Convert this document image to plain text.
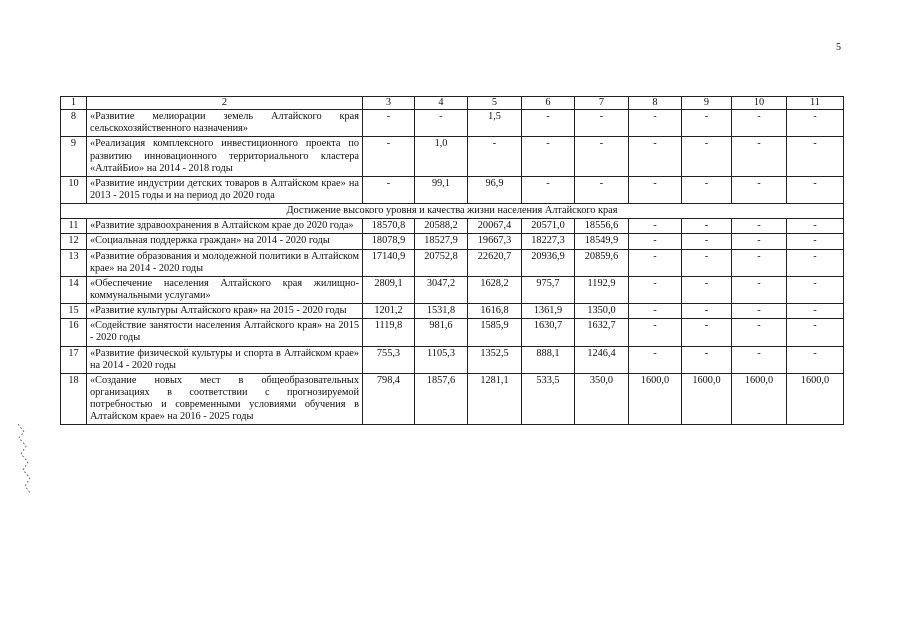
5
1	2	3	4	5	6	7	8	9	10	11
8	«Развитие мелиорации земель Алтайского края сельскохозяйственного назначения»	-	-	1,5	-	-	-	-	-	-
9	«Реализация комплексного инвестиционного проекта по развитию инновационного территориального кластера «АлтайБио» на 2014 - 2018 годы	-	1,0	-	-	-	-	-	-	-
10	«Развитие индустрии детских товаров в Алтайском крае» на 2013 - 2015 годы и на период до 2020 года	-	99,1	96,9	-	-	-	-	-	-
Достижение высокого уровня и качества жизни населения Алтайского края										
11	«Развитие здравоохранения в Алтайском крае до 2020 года»	18570,8	20588,2	20067,4	20571,0	18556,6	-	-	-	-
12	«Социальная поддержка граждан» на 2014 - 2020 годы	18078,9	18527,9	19667,3	18227,3	18549,9	-	-	-	-
13	«Развитие образования и молодежной политики в Алтайском крае» на 2014 - 2020 годы	17140,9	20752,8	22620,7	20936,9	20859,6	-	-	-	-
14	«Обеспечение населения Алтайского края жилищно-коммунальными услугами»	2809,1	3047,2	1628,2	975,7	1192,9	-	-	-	-
15	«Развитие культуры Алтайского края» на 2015 - 2020 годы	1201,2	1531,8	1616,8	1361,9	1350,0	-	-	-	-
16	«Содействие занятости населения Алтайского края» на 2015 - 2020 годы	1119,8	981,6	1585,9	1630,7	1632,7	-	-	-	-
17	«Развитие физической культуры и спорта в Алтайском крае» на 2014 - 2020 годы	755,3	1105,3	1352,5	888,1	1246,4	-	-	-	-
18	«Создание новых мест в общеобразовательных организациях в соответствии с прогнозируемой потребностью и современными условиями обучения в Алтайском крае» на 2016 - 2025 годы	798,4	1857,6	1281,1	533,5	350,0	1600,0	1600,0	1600,0	1600,0
